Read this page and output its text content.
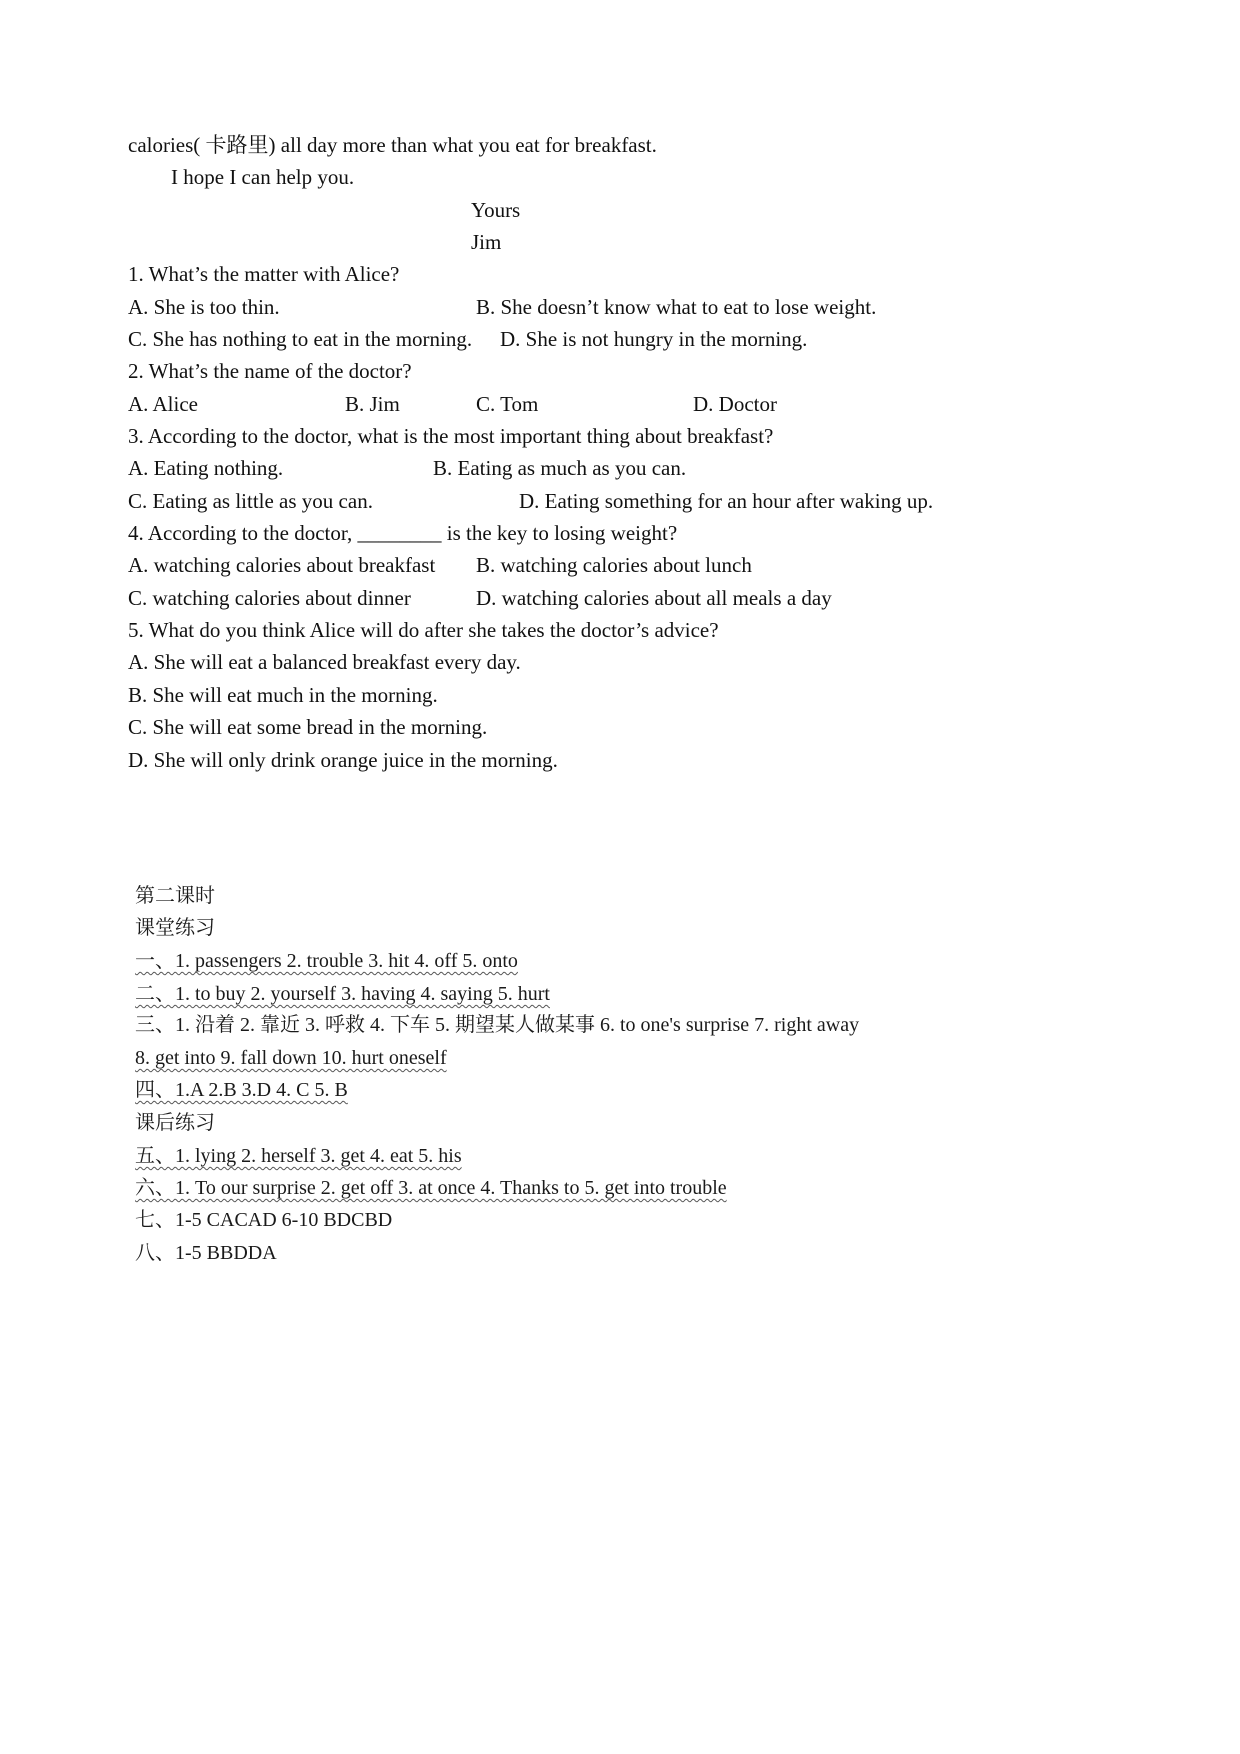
calories( 卡路里) all day more than what you eat for breakfast.
I hope I can help you.
Yours
Jim
1. What’s the matter with Alice?
A. She is too thin.	B. She doesn’t know what to eat to lose weight.
C. She has nothing to eat in the morning. D. She is not hungry in the morning.
2. What’s the name of the doctor?
A. Alice	B. Jim	C. Tom	D. Doctor
3. According to the doctor, what is the most important thing about breakfast?
A. Eating nothing.	B. Eating as much as you can.
C. Eating as little as you can.	D. Eating something for an hour after waking up.
4. According to the doctor, ________ is the key to losing weight?
A. watching calories about breakfast B. watching calories about lunch
C. watching calories about dinner	D. watching calories about all meals a day
5. What do you think Alice will do after she takes the doctor’s advice?
A. She will eat a balanced breakfast every day.
B. She will eat much in the morning.
C. She will eat some bread in the morning.
D. She will only drink orange juice in the morning.
第二课时
课堂练习
一、1. passengers 2. trouble 3. hit 4. off 5. onto
二、1. to buy 2. yourself 3. having 4. saying 5. hurt
三、1. 沿着 2. 靠近 3. 呼救 4. 下车 5. 期望某人做某事 6. to one's surprise 7. right away
8. get into 9. fall down 10. hurt oneself
四、1.A 2.B 3.D 4. C 5. B
课后练习
五、1. lying 2. herself 3. get 4. eat 5. his
六、1. To our surprise 2. get off 3. at once 4. Thanks to 5. get into trouble
七、1-5 CACAD 6-10 BDCBD
八、1-5 BBDDA
